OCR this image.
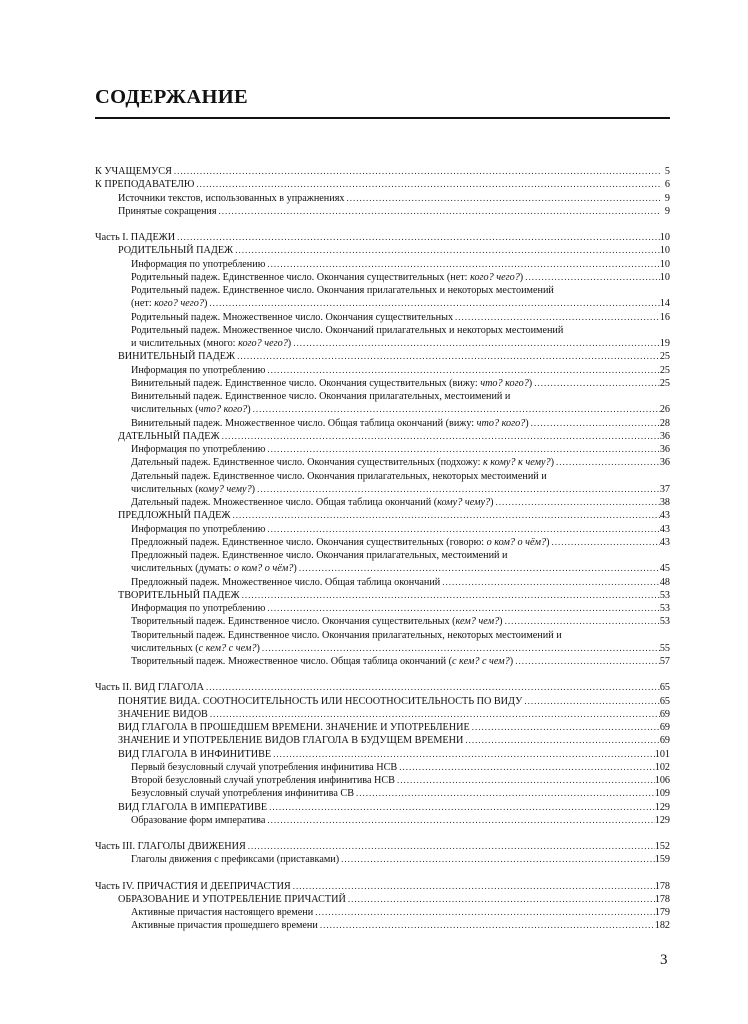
СОДЕРЖАНИЕ
К УЧАЩЕМУСЯ .....	5
К ПРЕПОДАВАТЕЛЮ .....	6
Источники текстов, использованных в упражнениях .....	9
Принятые сокращения .....	9
Часть I. ПАДЕЖИ .....	10
РОДИТЕЛЬНЫЙ ПАДЕЖ .....	10
Информация по употреблению .....	10
Родительный падеж. Единственное число. Окончания существительных (нет: кого? чего?) .....	10
Родительный падеж. Единственное число. Окончания прилагательных и некоторых местоимений
(нет: кого? чего?) .....	14
Родительный падеж. Множественное число. Окончания существительных .....	16
Родительный падеж. Множественное число. Окончаний прилагательных и некоторых местоимений
и числительных (много: кого? чего?) .....	19
ВИНИТЕЛЬНЫЙ ПАДЕЖ .....	25
Информация по употреблению .....	25
Винительный падеж. Единственное число. Окончания существительных (вижу: что? кого?) .....	25
Винительный падеж. Единственное число. Окончания прилагательных, местоимений и
числительных (что? кого?) .....	26
Винительный падеж. Множественное число. Общая таблица окончаний (вижу: что? кого?) .....	28
ДАТЕЛЬНЫЙ ПАДЕЖ .....	36
Информация по употреблению .....	36
Дательный падеж. Единственное число. Окончания существительных (подхожу: к кому? к чему?) .....	36
Дательный падеж. Единственное число. Окончания прилагательных, некоторых местоимений и
числительных (кому? чему?) .....	37
Дательный падеж. Множественное число. Общая таблица окончаний (кому? чему?) .....	38
ПРЕДЛОЖНЫЙ ПАДЕЖ .....	43
Информация по употреблению .....	43
Предложный падеж. Единственное число. Окончания существительных (говорю: о ком? о чём?) .....	43
Предложный падеж. Единственное число. Окончания прилагательных, местоимений и
числительных (думать: о ком? о чём?) .....	45
Предложный падеж. Множественное число. Общая таблица окончаний .....	48
ТВОРИТЕЛЬНЫЙ ПАДЕЖ .....	53
Информация по употреблению .....	53
Творительный падеж. Единственное число. Окончания существительных (кем? чем?) .....	53
Творительный падеж. Единственное число. Окончания прилагательных, некоторых местоимений и
числительных (с кем? с чем?) .....	55
Творительный падеж. Множественное число. Общая таблица окончаний (с кем? с чем?) .....	57
Часть II. ВИД ГЛАГОЛА .....	65
ПОНЯТИЕ ВИДА. СООТНОСИТЕЛЬНОСТЬ ИЛИ НЕСООТНОСИТЕЛЬНОСТЬ ПО ВИДУ .....	65
ЗНАЧЕНИЕ ВИДОВ .....	69
ВИД ГЛАГОЛА В ПРОШЕДШЕМ ВРЕМЕНИ. ЗНАЧЕНИЕ И УПОТРЕБЛЕНИЕ .....	69
ЗНАЧЕНИЕ И УПОТРЕБЛЕНИЕ ВИДОВ ГЛАГОЛА В БУДУЩЕМ ВРЕМЕНИ .....	69
ВИД ГЛАГОЛА В ИНФИНИТИВЕ .....	101
Первый безусловный случай употребления инфинитива НСВ .....	102
Второй безусловный случай употребления инфинитива НСВ .....	106
Безусловный случай употребления инфинитива СВ .....	109
ВИД ГЛАГОЛА В ИМПЕРАТИВЕ .....	129
Образование форм императива .....	129
Часть III. ГЛАГОЛЫ ДВИЖЕНИЯ .....	152
Глаголы движения с префиксами (приставками) .....	159
Часть IV. ПРИЧАСТИЯ И ДЕЕПРИЧАСТИЯ .....	178
ОБРАЗОВАНИЕ И УПОТРЕБЛЕНИЕ ПРИЧАСТИЙ .....	178
Активные причастия настоящего времени .....	179
Активные причастия прошедшего времени .....	182
3
